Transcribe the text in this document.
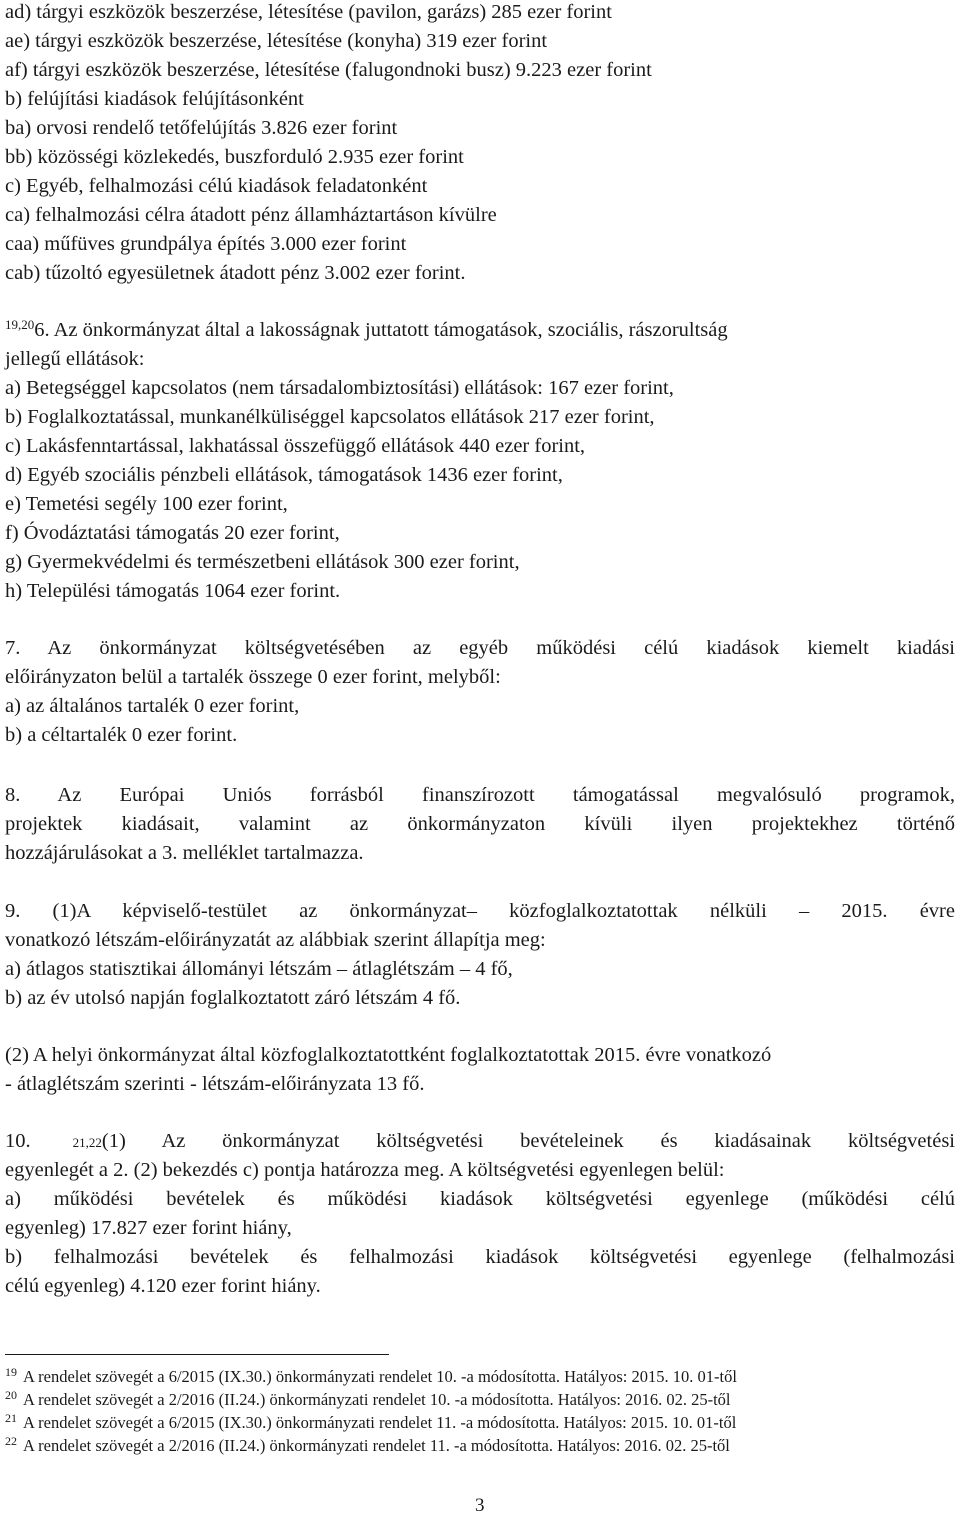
ad) tárgyi eszközök beszerzése, létesítése (pavilon, garázs) 285 ezer forint
ae) tárgyi eszközök beszerzése, létesítése (konyha) 319 ezer forint
af) tárgyi eszközök beszerzése, létesítése (falugondnoki busz) 9.223 ezer forint
b) felújítási kiadások felújításonként
ba) orvosi rendelő tetőfelújítás 3.826 ezer forint
bb) közösségi közlekedés, buszforduló 2.935 ezer forint
c) Egyéb, felhalmozási célú kiadások feladatonként
ca) felhalmozási célra átadott pénz államháztartáson kívülre
caa) műfüves grundpálya építés 3.000 ezer forint
cab) tűzoltó egyesületnek átadott pénz 3.002 ezer forint.
$^{19,20}$6. Az önkormányzat által a lakosságnak juttatott támogatások, szociális, rászorultság
jellegű ellátások:
a) Betegséggel kapcsolatos (nem társadalombiztosítási) ellátások: 167 ezer forint,
b) Foglalkoztatással, munkanélküliséggel kapcsolatos ellátások 217 ezer forint,
c) Lakásfenntartással, lakhatással összefüggő ellátások 440 ezer forint,
d) Egyéb szociális pénzbeli ellátások, támogatások 1436 ezer forint,
e) Temetési segély 100 ezer forint,
f) Óvodáztatási támogatás 20 ezer forint,
g) Gyermekvédelmi és természetbeni ellátások 300 ezer forint,
h) Települési támogatás 1064 ezer forint.
7. Az önkormányzat költségvetésében az egyéb működési célú kiadások kiemelt kiadási
előirányzaton belül a tartalék összege 0 ezer forint, melyből:
a) az általános tartalék 0 ezer forint,
b) a céltartalék 0 ezer forint.
8. Az Európai Uniós forrásból finanszírozott támogatással megvalósuló programok,
projektek kiadásait, valamint az önkormányzaton kívüli ilyen projektekhez történő
hozzájárulásokat a 3. melléklet tartalmazza.
9. (1)A képviselő-testület az önkormányzat– közfoglalkoztatottak nélküli – 2015. évre
vonatkozó létszám-előirányzatát az alábbiak szerint állapítja meg:
a) átlagos statisztikai állományi létszám – átlaglétszám – 4 fő,
b) az év utolsó napján foglalkoztatott záró létszám 4 fő.
(2) A helyi önkormányzat által közfoglalkoztatottként foglalkoztatottak 2015. évre vonatkozó
- átlaglétszám szerinti - létszám-előirányzata 13 fő.
10.	21,22 (1) Az önkormányzat költségvetési bevételeinek és kiadásainak költségvetési
egyenlegét a 2. (2) bekezdés c) pontja határozza meg. A költségvetési egyenlegen belül:
a) működési bevételek és működési kiadások költségvetési egyenlege (működési célú
egyenleg) 17.827 ezer forint hiány,
b) felhalmozási bevételek és felhalmozási kiadások költségvetési egyenlege (felhalmozási
célú egyenleg) 4.120 ezer forint hiány.
$^{19}$ A rendelet szövegét a 6/2015 (IX.30.) önkormányzati rendelet 10. -a módosította. Hatályos: 2015. 10. 01-től
$^{20}$ A rendelet szövegét a 2/2016 (II.24.) önkormányzati rendelet 10. -a módosította. Hatályos: 2016. 02. 25-től
$^{21}$ A rendelet szövegét a 6/2015 (IX.30.) önkormányzati rendelet 11. -a módosította. Hatályos: 2015. 10. 01-től
$^{22}$ A rendelet szövegét a 2/2016 (II.24.) önkormányzati rendelet 11. -a módosította. Hatályos: 2016. 02. 25-től
3
